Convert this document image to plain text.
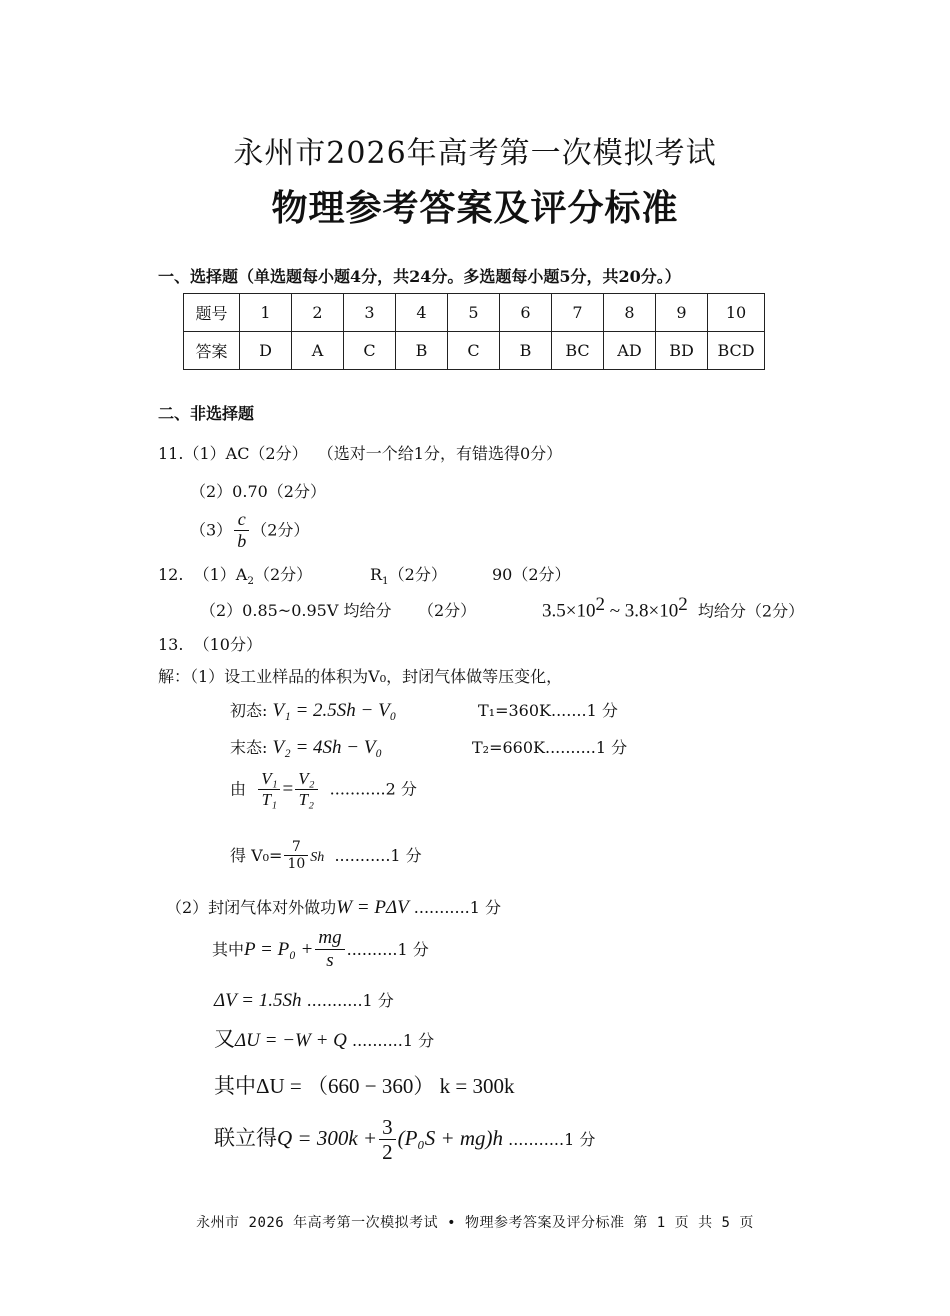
永州市2026年高考第一次模拟考试
物理参考答案及评分标准
一、选择题（单选题每小题4分，共24分。多选题每小题5分，共20分。）
题号	1	2	3	4	5	6	7	8	9	10
答案	D	A	C	B	C	B	BC	AD	BD	BCD
二、非选择题
11.（1）AC（2分） （选对一个给1分，有错选得0分）
（2）0.70（2分）
$(3) \frac{c}{b} (2$分）
12. $(1)A_2(2$分）	$R_1(2$分）	90（2分）
（2）0.85~0.95V 均给分 （2分）	$3.5\times 10^2$ ~ $3.8\times 10^2$ 均给分（2分）
13. （10分）
解：（1）设工业样品的体积为V₀，封闭气体做等压变化，
初态: V₁ = 2.5Sh − V₀	T₁=360K.......1 分
末态: V₂ = 4Sh − V₀	T₂=660K..........1 分
由 $\frac{\text{V₁}}{\text{T₁}} = \frac{\text{V₂}}{\text{T₂}} ...........2$ 分
得 $V_0= \frac{7}{10}$ Sh ...........1 分
（2）封闭气体对外做功W = PΔV ...........1 分
其中$P = P_0 + \frac{mg}{s} ..........1$ 分
ΔV = 1.5Sh ...........1 分
又ΔU = −W + Q ..........1 分
其中ΔU = （660 − 360） k = 300k
联立得$Q = 300k + \frac{3}{2} (P_0S + mg)h$ ...........1 分
永州市 2026 年高考第一次模拟考试 • 物理参考答案及评分标准 第 1 页 共 5 页
